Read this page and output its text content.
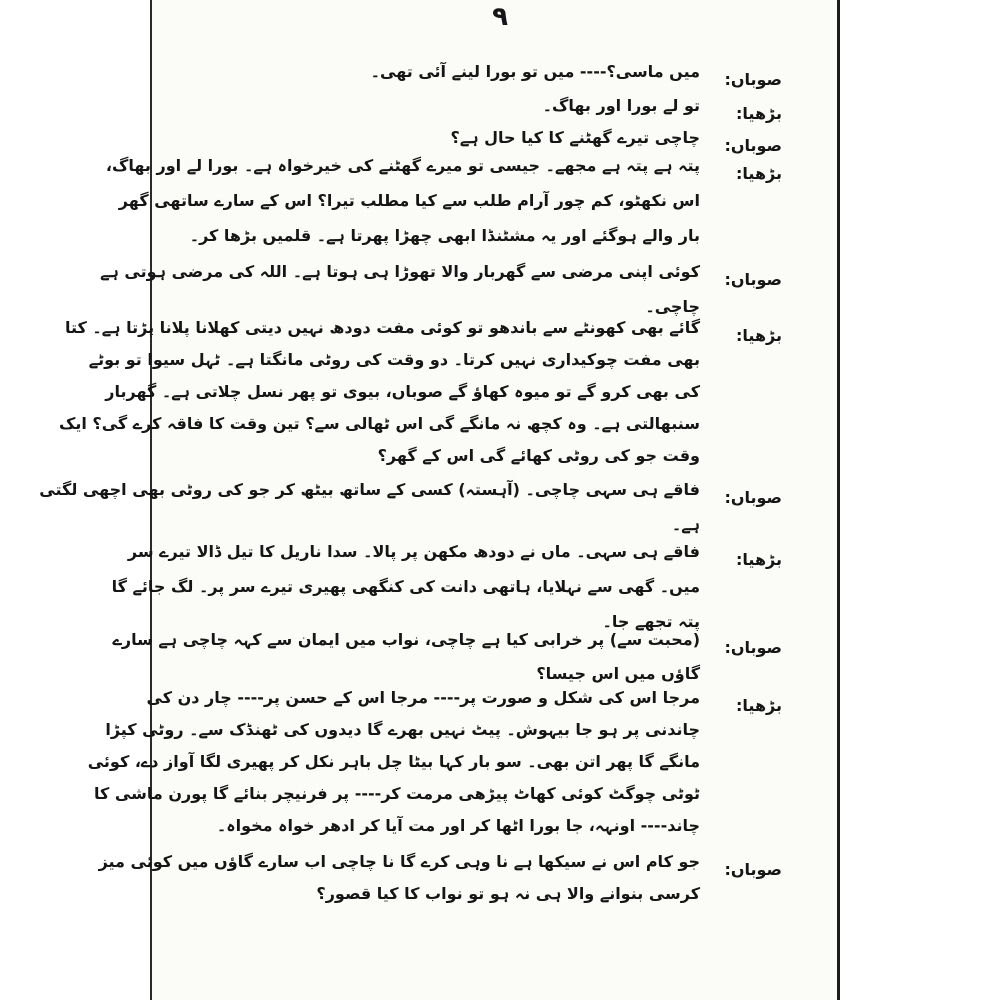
۹
صوباں:
میں ماسی؟---- میں تو بورا لینے آئی تھی۔
بڑھیا:
تو لے بورا اور بھاگ۔
صوباں:
چاچی تیرے گھٹنے کا کیا حال ہے؟
بڑھیا:
پتہ ہے پتہ ہے مجھے۔ جیسی تو میرے گھٹنے کی خیرخواہ ہے۔ بورا لے اور بھاگ،
اس نکھٹو، کم چور آرام طلب سے کیا مطلب تیرا؟ اس کے سارے ساتھی گھر
بار والے ہوگئے اور یہ مشٹنڈا ابھی چھڑا پھرتا ہے۔ قلمیں بڑھا کر۔
صوباں:
کوئی اپنی مرضی سے گھربار والا تھوڑا ہی ہوتا ہے۔ اللہ کی مرضی ہوتی ہے
چاچی۔
بڑھیا:
گائے بھی کھونٹے سے باندھو تو کوئی مفت دودھ نہیں دیتی کھلانا پلانا پڑتا ہے۔ کتا
بھی مفت چوکیداری نہیں کرتا۔ دو وقت کی روٹی مانگتا ہے۔ ٹہل سیوا تو بوٹے
کی بھی کرو گے تو میوہ کھاؤ گے صوباں، بیوی تو پھر نسل چلاتی ہے۔ گھربار
سنبھالتی ہے۔ وہ کچھ نہ مانگے گی اس ٹھالی سے؟ تین وقت کا فاقہ کرے گی؟ ایک
وقت جو کی روٹی کھائے گی اس کے گھر؟
صوباں:
فاقے ہی سہی چاچی۔ (آہستہ) کسی کے ساتھ بیٹھ کر جو کی روٹی بھی اچھی لگتی
ہے۔
بڑھیا:
فاقے ہی سہی۔ ماں نے دودھ مکھن پر پالا۔ سدا ناریل کا تیل ڈالا تیرے سر
میں۔ گھی سے نہلایا، ہاتھی دانت کی کنگھی پھیری تیرے سر پر۔ لگ جائے گا
پتہ تجھے جا۔
صوباں:
(محبت سے) پر خرابی کیا ہے چاچی، نواب میں ایمان سے کہہ چاچی ہے سارے
گاؤں میں اس جیسا؟
بڑھیا:
مرجا اس کی شکل و صورت پر---- مرجا اس کے حسن پر---- چار دن کی
چاندنی پر ہو جا بیہوش۔ پیٹ نہیں بھرے گا دیدوں کی ٹھنڈک سے۔ روٹی کپڑا
مانگے گا پھر اتن بھی۔ سو بار کہا بیٹا چل باہر نکل کر پھیری لگا آواز دے، کوئی
ٹوٹی چوگٹ کوئی کھاٹ پیڑھی مرمت کر---- پر فرنیچر بنائے گا پورن ماشی کا
چاند---- اونہہ، جا بورا اٹھا کر اور مت آیا کر ادھر خواہ مخواہ۔
صوباں:
جو کام اس نے سیکھا ہے نا وہی کرے گا نا چاچی اب سارے گاؤں میں کوئی میز
کرسی بنوانے والا ہی نہ ہو تو نواب کا کیا قصور؟
